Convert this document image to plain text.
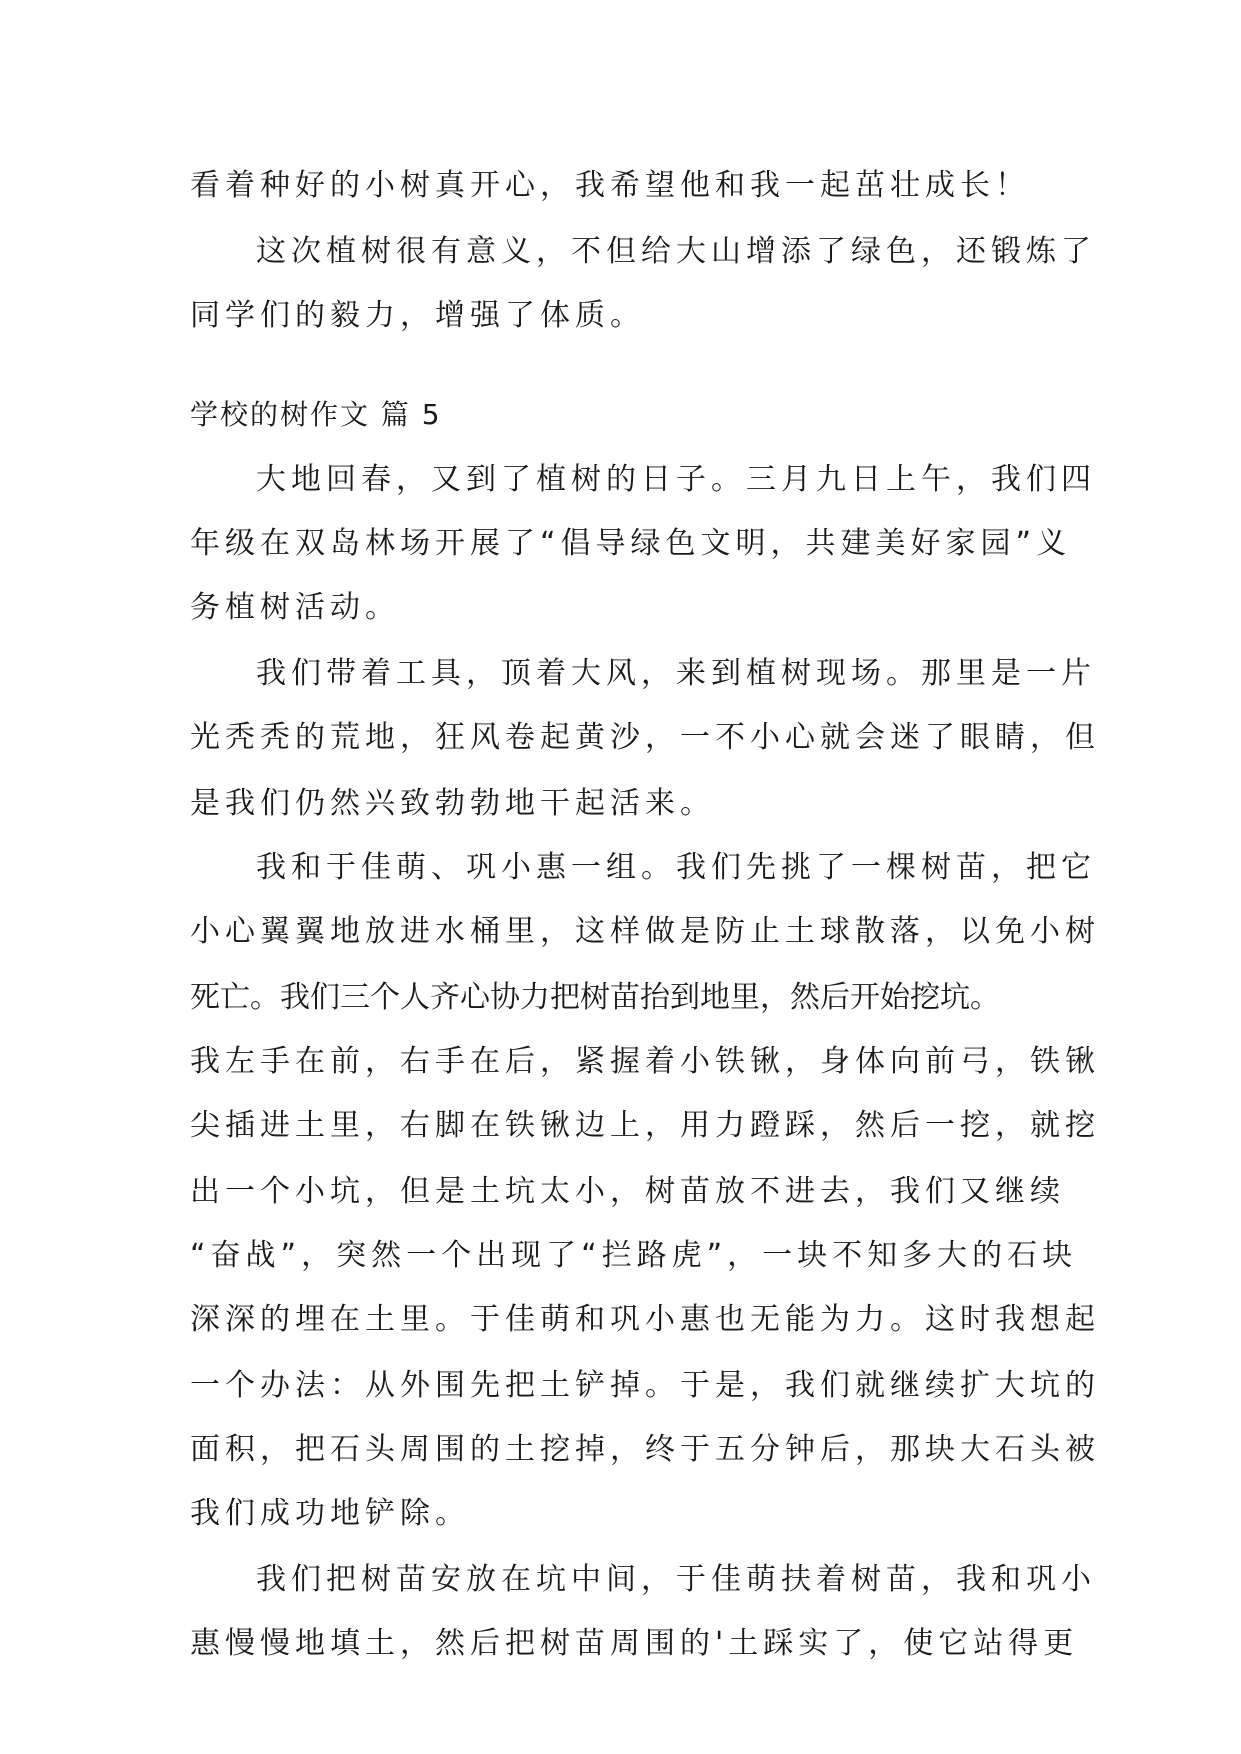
看着种好的小树真开心，我希望他和我一起茁壮成长！
这次植树很有意义，不但给大山增添了绿色，还锻炼了
同学们的毅力，增强了体质。
学校的树作文 篇 5
大地回春，又到了植树的日子。三月九日上午，我们四
年级在双岛林场开展了“倡导绿色文明，共建美好家园”义
务植树活动。
我们带着工具，顶着大风，来到植树现场。那里是一片
光秃秃的荒地，狂风卷起黄沙，一不小心就会迷了眼睛，但
是我们仍然兴致勃勃地干起活来。
我和于佳萌、巩小惠一组。我们先挑了一棵树苗，把它
小心翼翼地放进水桶里，这样做是防止土球散落，以免小树
死亡。我们三个人齐心协力把树苗抬到地里，然后开始挖坑。
我左手在前，右手在后，紧握着小铁锹，身体向前弓，铁锹
尖插进土里，右脚在铁锹边上，用力蹬踩，然后一挖，就挖
出一个小坑，但是土坑太小，树苗放不进去，我们又继续
“奋战”，突然一个出现了“拦路虎”，一块不知多大的石块
深深的埋在土里。于佳萌和巩小惠也无能为力。这时我想起
一个办法：从外围先把土铲掉。于是，我们就继续扩大坑的
面积，把石头周围的土挖掉，终于五分钟后，那块大石头被
我们成功地铲除。
我们把树苗安放在坑中间，于佳萌扶着树苗，我和巩小
惠慢慢地填土，然后把树苗周围的'土踩实了，使它站得更
